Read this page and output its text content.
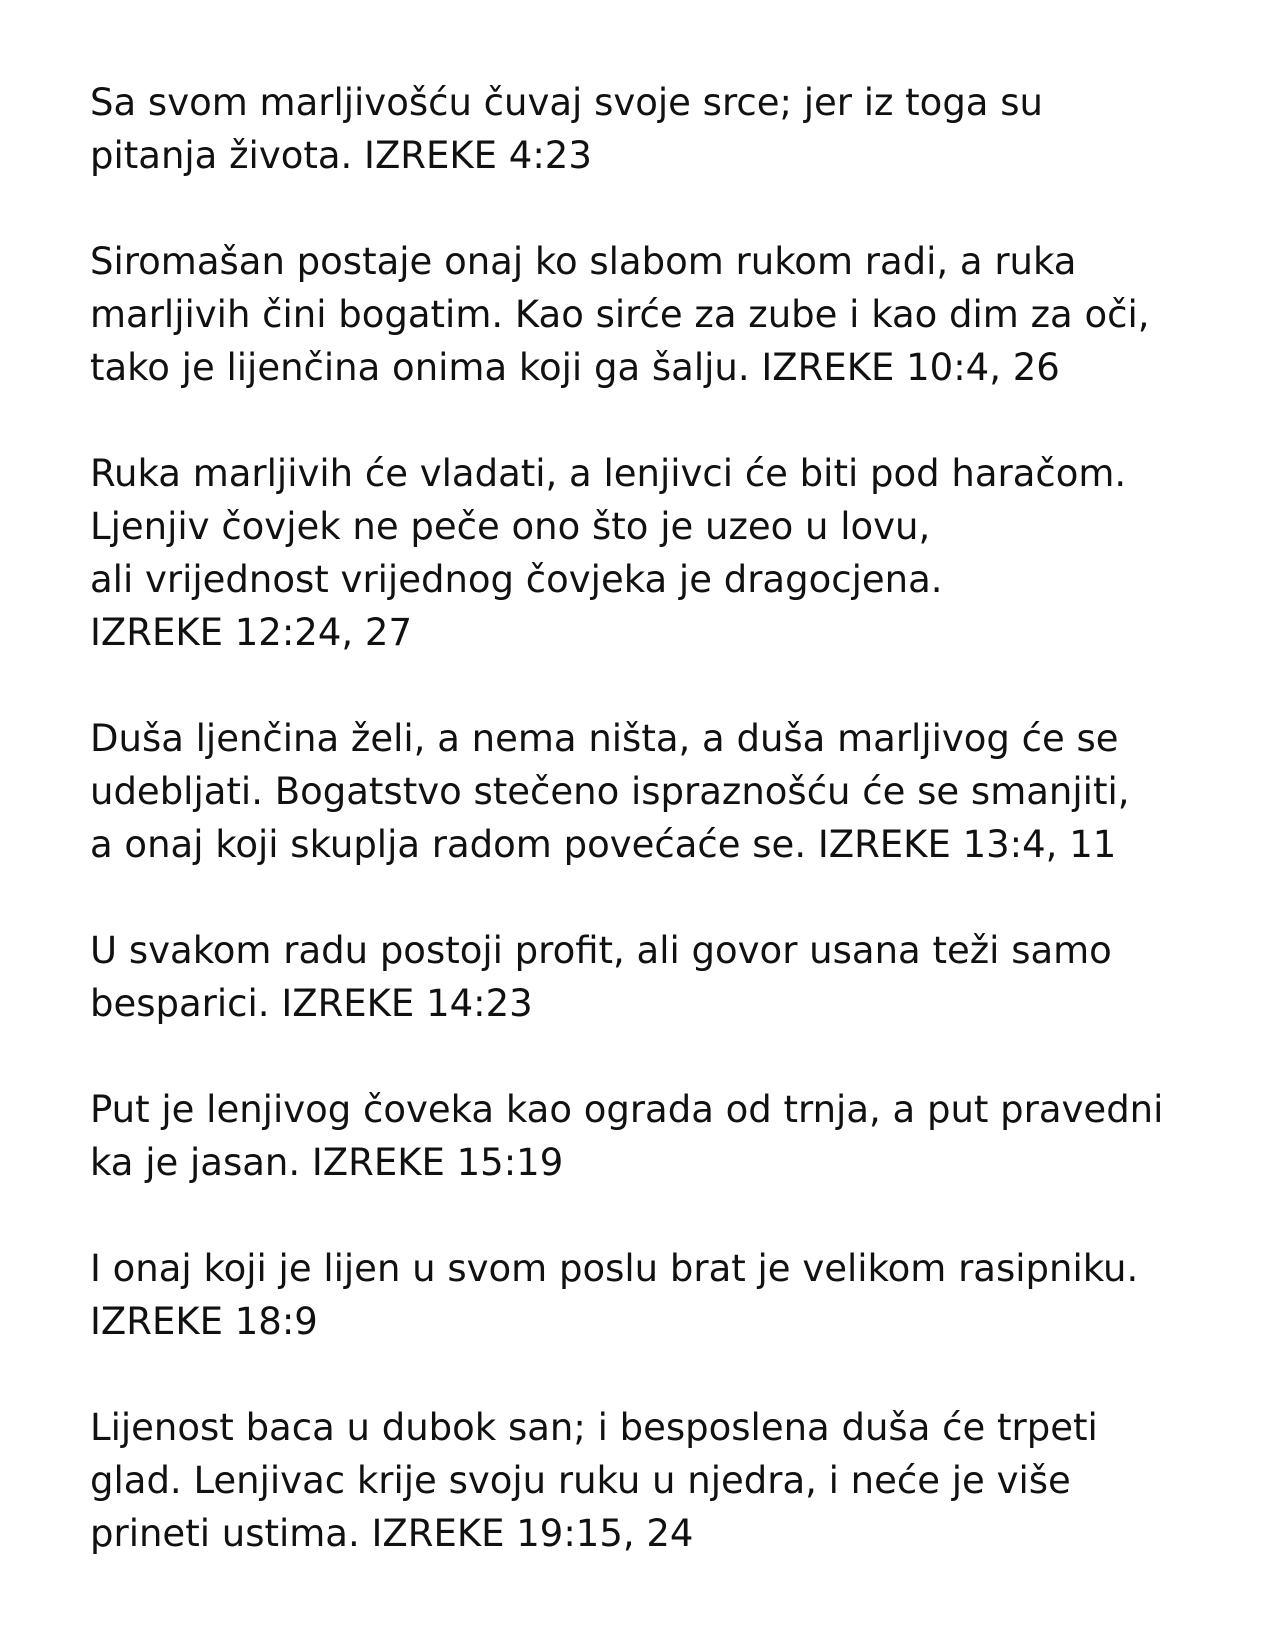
Sa svom marljivošću čuvaj svoje srce; jer iz toga su
pitanja života. IZREKE 4:23
Siromašan postaje onaj ko slabom rukom radi, a ruka
marljivih čini bogatim. Kao sirće za zube i kao dim za oči,
tako je lijenčina onima koji ga šalju. IZREKE 10:4, 26
Ruka marljivih će vladati, a lenjivci će biti pod haračom.
Ljenjiv čovjek ne peče ono što je uzeo u lovu,
ali vrijednost vrijednog čovjeka je dragocjena.
IZREKE 12:24, 27
Duša ljenčina želi, a nema ništa, a duša marljivog će se
udebljati. Bogatstvo stečeno ispraznošću će se smanjiti,
a onaj koji skuplja radom povećaće se. IZREKE 13:4, 11
U svakom radu postoji profit, ali govor usana teži samo
besparici. IZREKE 14:23
Put je lenjivog čoveka kao ograda od trnja, a put pravedni
ka je jasan. IZREKE 15:19
I onaj koji je lijen u svom poslu brat je velikom rasipniku.
IZREKE 18:9
Lijenost baca u dubok san; i besposlena duša će trpeti
glad. Lenjivac krije svoju ruku u njedra, i neće je više
prineti ustima. IZREKE 19:15, 24
